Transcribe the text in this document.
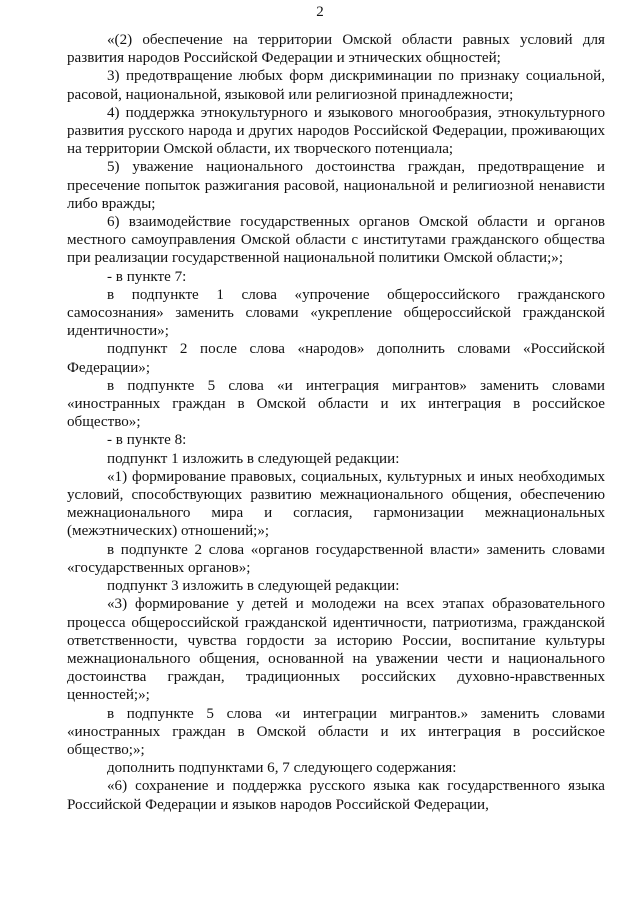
2

«(2) обеспечение на территории Омской области равных условий для развития народов Российской Федерации и этнических общностей;

3) предотвращение любых форм дискриминации по признаку социальной, расовой, национальной, языковой или религиозной принадлежности;

4) поддержка этнокультурного и языкового многообразия, этнокультурного развития русского народа и других народов Российской Федерации, проживающих на территории Омской области, их творческого потенциала;

5) уважение национального достоинства граждан, предотвращение и пресечение попыток разжигания расовой, национальной и религиозной ненависти либо вражды;

6) взаимодействие государственных органов Омской области и органов местного самоуправления Омской области с институтами гражданского общества при реализации государственной национальной политики Омской области;»;

- в пункте 7:

в подпункте 1 слова «упрочение общероссийского гражданского самосознания» заменить словами «укрепление общероссийской гражданской идентичности»;

подпункт 2 после слова «народов» дополнить словами «Российской Федерации»;

в подпункте 5 слова «и интеграция мигрантов» заменить словами «иностранных граждан в Омской области и их интеграция в российское общество»;

- в пункте 8:

подпункт 1 изложить в следующей редакции:

«1) формирование правовых, социальных, культурных и иных необходимых условий, способствующих развитию межнационального общения, обеспечению межнационального мира и согласия, гармонизации межнациональных (межэтнических) отношений;»;

в подпункте 2 слова «органов государственной власти» заменить словами «государственных органов»;

подпункт 3 изложить в следующей редакции:

«3) формирование у детей и молодежи на всех этапах образовательного процесса общероссийской гражданской идентичности, патриотизма, гражданской ответственности, чувства гордости за историю России, воспитание культуры межнационального общения, основанной на уважении чести и национального достоинства граждан, традиционных российских духовно-нравственных ценностей;»;

в подпункте 5 слова «и интеграции мигрантов.» заменить словами «иностранных граждан в Омской области и их интеграция в российское общество;»;

дополнить подпунктами 6, 7 следующего содержания:

«6) сохранение и поддержка русского языка как государственного языка Российской Федерации и языков народов Российской Федерации,
